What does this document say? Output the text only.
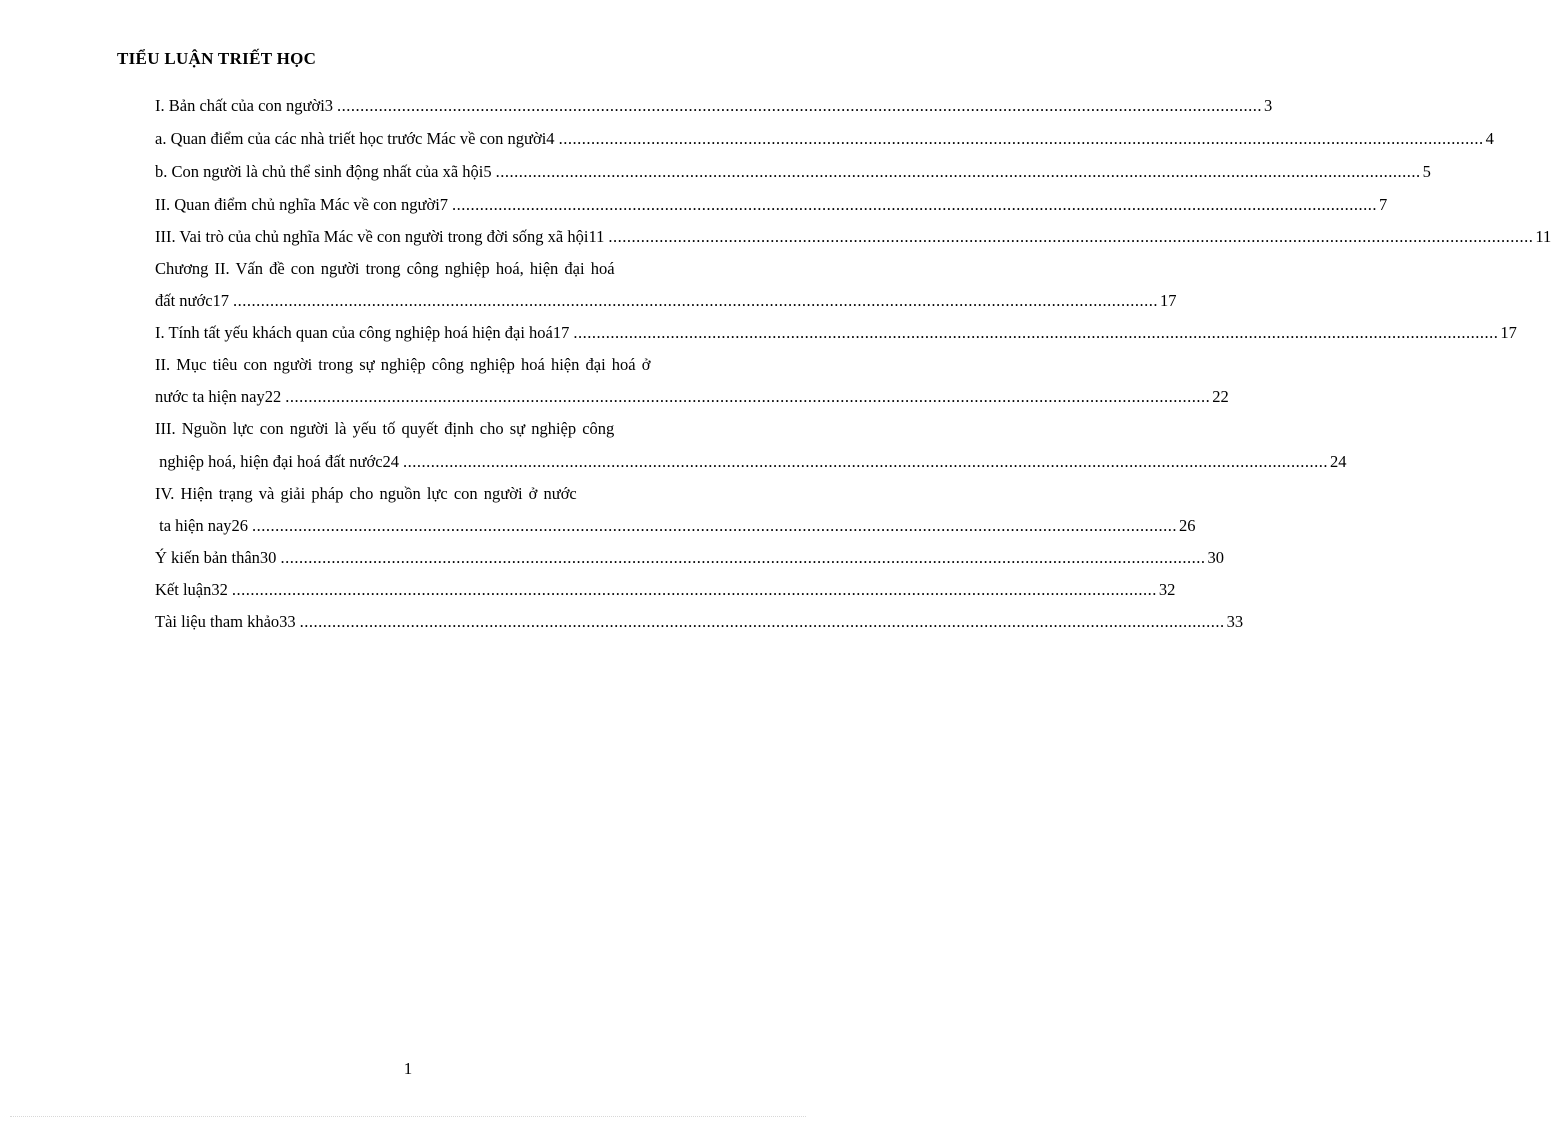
TIỂU LUẬN TRIẾT HỌC
I. Bản chất của con người3 ........................................................................................................................................................................................................ 3
a. Quan điểm của các nhà triết học trước Mác về con người4 ........................................................................................................................................................................................................ 4
b. Con người là chủ thể sinh động nhất của xã hội5 ........................................................................................................................................................................................................ 5
II. Quan điểm chủ nghĩa Mác về con người7 ........................................................................................................................................................................................................ 7
III. Vai trò của chủ nghĩa Mác về con người trong đời sống xã hội11 ........................................................................................................................................................................................................ 11
Chương II. Vấn đề con người trong công nghiệp hoá, hiện đại hoá
đất nước17 ........................................................................................................................................................................................................ 17
I. Tính tất yếu khách quan của công nghiệp hoá hiện đại hoá17 ........................................................................................................................................................................................................ 17
II. Mục tiêu con người trong sự nghiệp công nghiệp hoá hiện đại hoá ở
nước ta hiện nay22 ........................................................................................................................................................................................................ 22
III. Nguồn lực con người là yếu tố quyết định cho sự nghiệp công
nghiệp hoá, hiện đại hoá đất nước24 ........................................................................................................................................................................................................ 24
IV. Hiện trạng và giải pháp cho nguồn lực con người ở nước
ta hiện nay26 ........................................................................................................................................................................................................ 26
Ý kiến bản thân30 ........................................................................................................................................................................................................ 30
Kết luận32 ........................................................................................................................................................................................................ 32
Tài liệu tham khảo33 ........................................................................................................................................................................................................ 33
1
